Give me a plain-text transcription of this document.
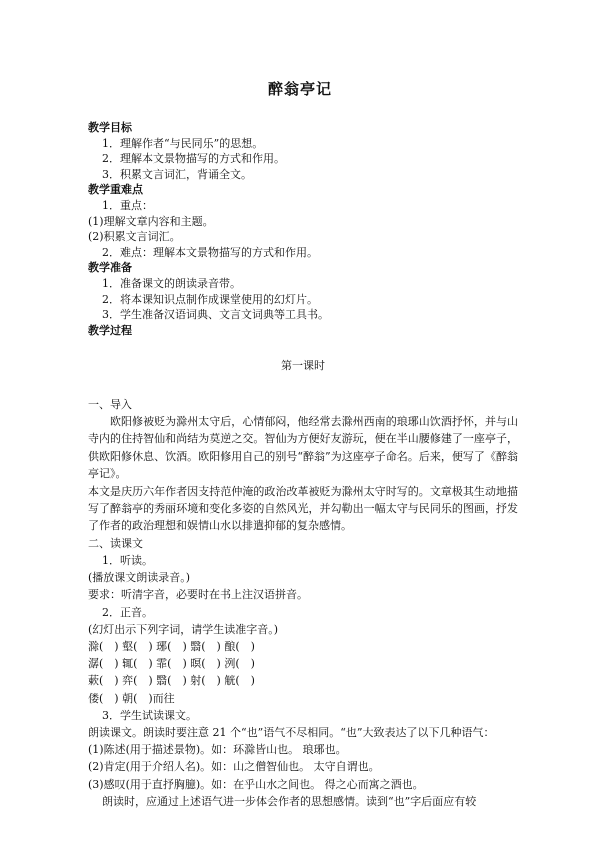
醉翁亭记
教学目标
1．理解作者“与民同乐”的思想。
2．理解本文景物描写的方式和作用。
3．积累文言词汇，背诵全文。
教学重难点
1．重点：
(1)理解文章内容和主题。
(2)积累文言词汇。
2．难点：理解本文景物描写的方式和作用。
教学准备
1．准备课文的朗读录音带。
2．将本课知识点制作成课堂使用的幻灯片。
3．学生准备汉语词典、文言文词典等工具书。
教学过程
第一课时
一、导入
欧阳修被贬为滁州太守后，心情郁闷，他经常去滁州西南的琅琊山饮酒抒怀，并与山寺内的住持智仙和尚结为莫逆之交。智仙为方便好友游玩，便在半山腰修建了一座亭子，供欧阳修休息、饮酒。欧阳修用自己的别号“醉翁”为这座亭子命名。后来，便写了《醉翁亭记》。
本文是庆历六年作者因支持范仲淹的政治改革被贬为滁州太守时写的。文章极其生动地描写了醉翁亭的秀丽环境和变化多姿的自然风光，并勾勒出一幅太守与民同乐的图画，抒发了作者的政治理想和娱情山水以排遣抑郁的复杂感情。
二、读课文
1．听读。
(播放课文朗读录音。)
要求：听清字音，必要时在书上注汉语拼音。
2．正音。
(幻灯出示下列字词，请学生读准字音。)
滁(　) 壑(　) 琊(　) 翳(　) 酿(　)
潺(　) 辄(　) 霏(　) 暝(　) 洌(　)
蔌(　) 弈(　) 翳(　) 射(　) 觥(　)
偻(　) 朝(　)而往
3．学生试读课文。
朗读课文。朗读时要注意 21 个“也”语气不尽相同。“也”大致表达了以下几种语气：
(1)陈述(用于描述景物)。如：环滁皆山也。 琅琊也。
(2)肯定(用于介绍人名)。如：山之僧智仙也。 太守自谓也。
(3)感叹(用于直抒胸臆)。如：在乎山水之间也。 得之心而寓之酒也。
朗读时，应通过上述语气进一步体会作者的思想感情。读到“也”字后面应有较
